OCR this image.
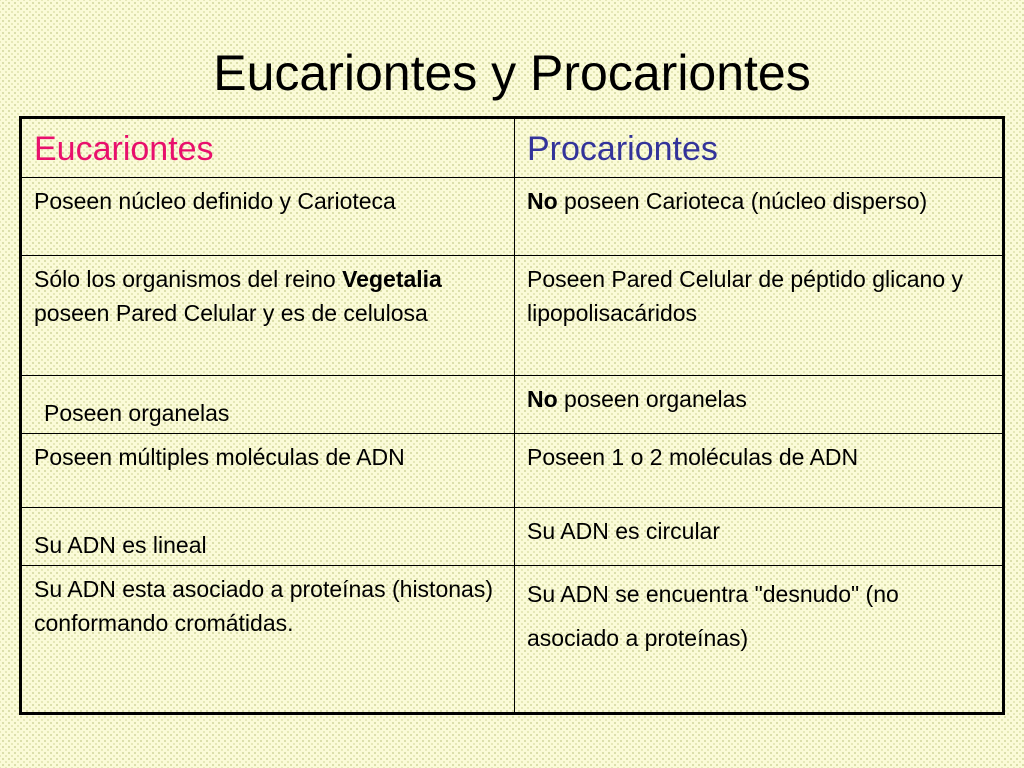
Eucariontes y Procariontes
Eucariontes	Procariontes
Poseen núcleo definido y Carioteca	No poseen Carioteca (núcleo disperso)
Sólo los organismos del reino Vegetalia poseen Pared Celular y es de celulosa	Poseen Pared Celular de péptido glicano y lipopolisacáridos
Poseen organelas	No poseen organelas
Poseen múltiples moléculas de ADN	Poseen 1 o 2 moléculas de ADN
Su ADN es lineal	Su ADN es circular
Su ADN esta asociado a proteínas (histonas) conformando cromátidas.	Su ADN se encuentra "desnudo" (no asociado a proteínas)
